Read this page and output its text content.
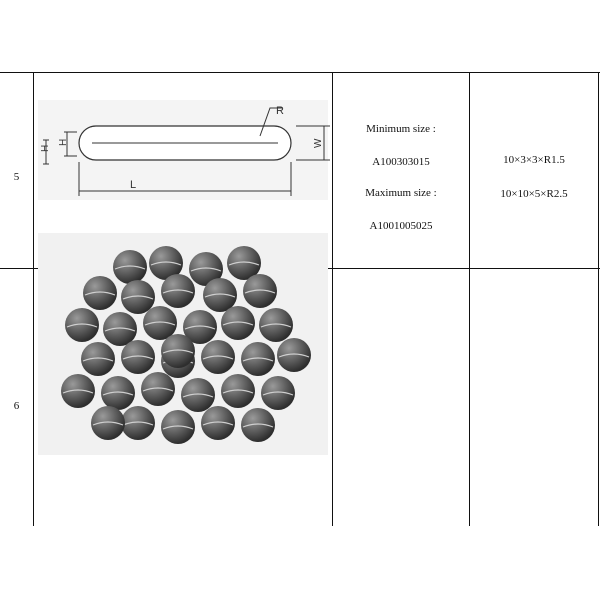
5
H
H
R
W
L
Minimum size :
A100303015
Maximum size :
A1001005025
10×3×3×R1.5
10×10×5×R2.5
6
